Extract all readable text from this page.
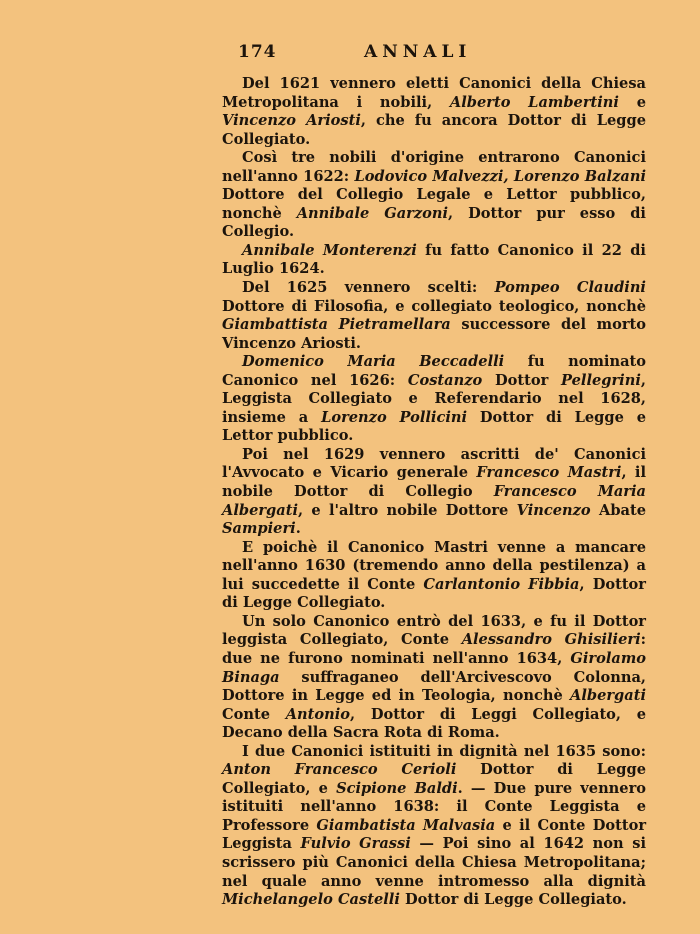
174	ANNALI

Del 1621 vennero eletti Canonici della Chiesa Metropolitana i nobili, Alberto Lambertini e Vincenzo Ariosti, che fu ancora Dottor di Legge Collegiato.

Così tre nobili d'origine entrarono Canonici nell'anno 1622: Lodovico Malvezzi, Lorenzo Balzani Dottore del Collegio Legale e Lettor pubblico, nonchè Annibale Garzoni, Dottor pur esso di Collegio.

Annibale Monterenzi fu fatto Canonico il 22 di Luglio 1624.

Del 1625 vennero scelti: Pompeo Claudini Dottore di Filosofia, e collegiato teologico, nonchè Giambattista Pietramellara successore del morto Vincenzo Ariosti.

Domenico Maria Beccadelli fu nominato Canonico nel 1626: Costanzo Dottor Pellegrini, Leggista Collegiato e Referendario nel 1628, insieme a Lorenzo Pollicini Dottor di Legge e Lettor pubblico.

Poi nel 1629 vennero ascritti de' Canonici l'Avvocato e Vicario generale Francesco Mastri, il nobile Dottor di Collegio Francesco Maria Albergati, e l'altro nobile Dottore Vincenzo Abate Sampieri.

E poichè il Canonico Mastri venne a mancare nell'anno 1630 (tremendo anno della pestilenza) a lui succedette il Conte Carlantonio Fibbia, Dottor di Legge Collegiato.

Un solo Canonico entrò del 1633, e fu il Dottor leggista Collegiato, Conte Alessandro Ghisilieri: due ne furono nominati nell'anno 1634, Girolamo Binaga suffraganeo dell'Arcivescovo Colonna, Dottore in Legge ed in Teologia, nonchè Albergati Conte Antonio, Dottor di Leggi Collegiato, e Decano della Sacra Rota di Roma.

I due Canonici istituiti in dignità nel 1635 sono: Anton Francesco Cerioli Dottor di Legge Collegiato, e Scipione Baldi. — Due pure vennero istituiti nell'anno 1638: il Conte Leggista e Professore Giambatista Malvasia e il Conte Dottor Leggista Fulvio Grassi — Poi sino al 1642 non si scrissero più Canonici della Chiesa Metropolitana; nel quale anno venne intromesso alla dignità Michelangelo Castelli Dottor di Legge Collegiato.
